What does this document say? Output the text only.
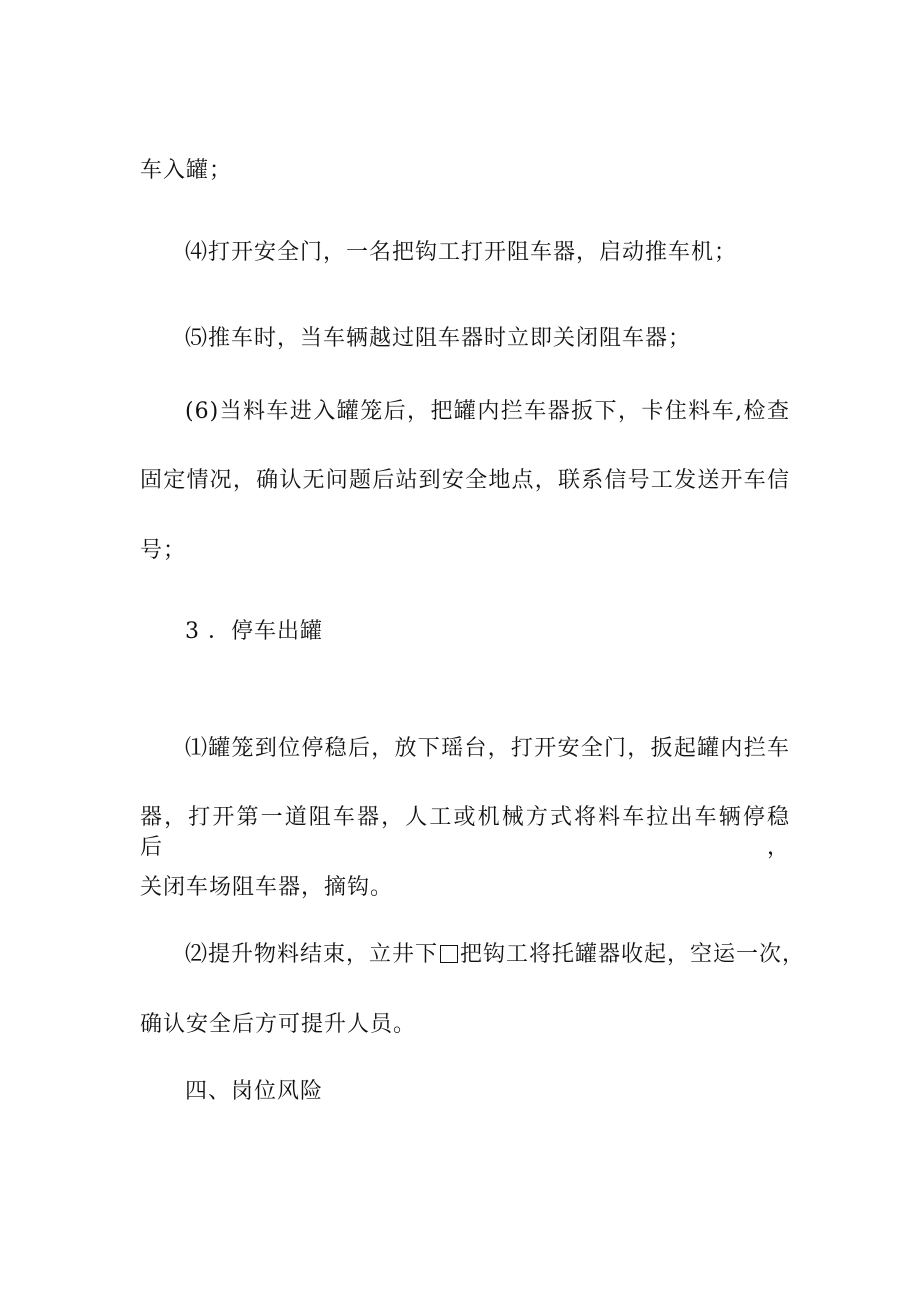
车入罐；
⑷打开安全门，一名把钩工打开阻车器，启动推车机；
⑸推车时，当车辆越过阻车器时立即关闭阻车器；
(6)当料车进入罐笼后，把罐内拦车器扳下，卡住料车,检查
固定情况，确认无问题后站到安全地点，联系信号工发送开车信
号；
3 ．停车出罐
⑴罐笼到位停稳后，放下瑶台，打开安全门，扳起罐内拦车
器，打开第一道阻车器，人工或机械方式将料车拉出车辆停稳后，
关闭车场阻车器，摘钩。
⑵提升物料结束，立井下 把钩工将托罐器收起，空运一次，
确认安全后方可提升人员。
四、岗位风险
